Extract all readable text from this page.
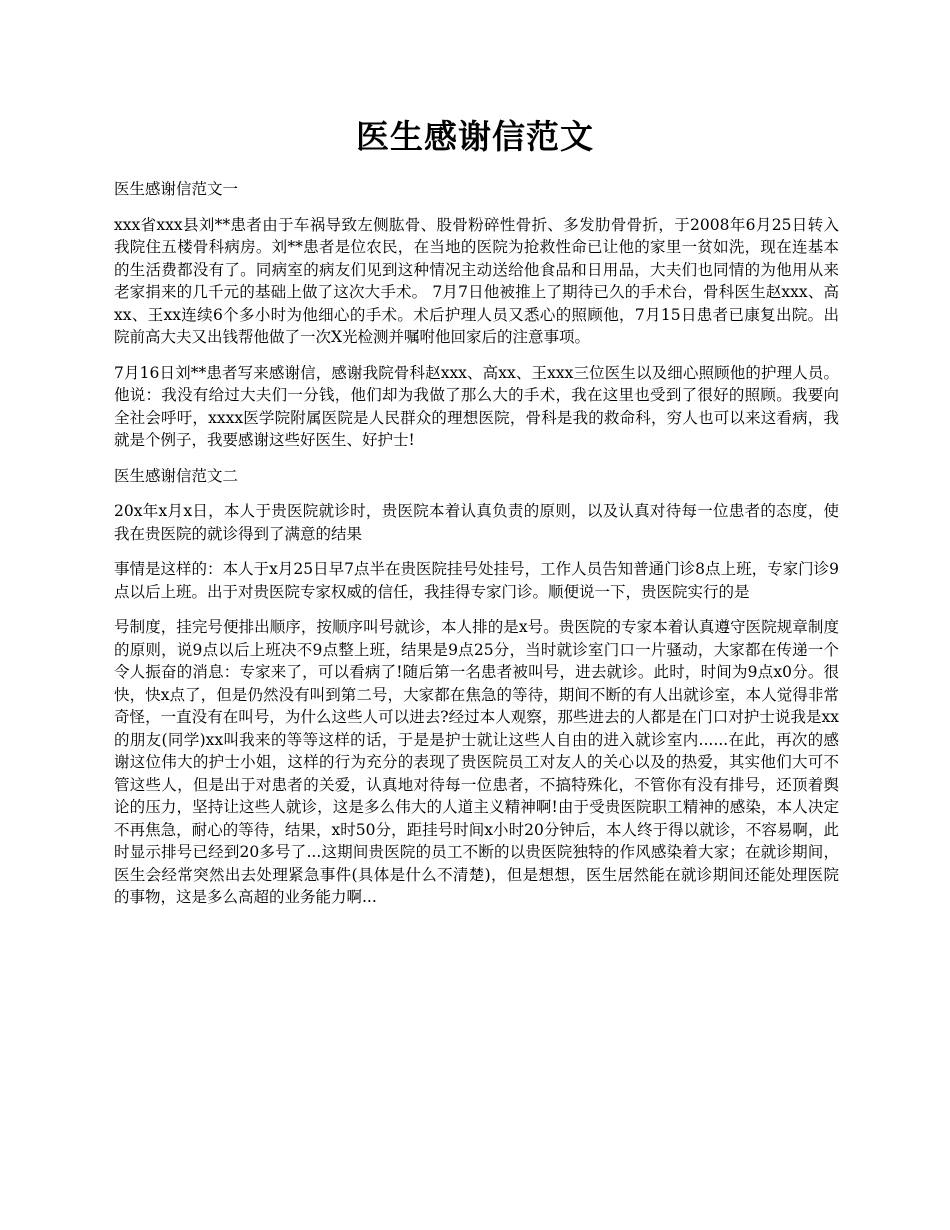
医生感谢信范文

医生感谢信范文一

xxx省xxx县刘**患者由于车祸导致左侧肱骨、股骨粉碎性骨折、多发肋骨骨折，于2008年6月25日转入我院住五楼骨科病房。刘**患者是位农民，在当地的医院为抢救性命已让他的家里一贫如洗，现在连基本的生活费都没有了。同病室的病友们见到这种情况主动送给他食品和日用品，大夫们也同情的为他用从来老家捐来的几千元的基础上做了这次大手术。 7月7日他被推上了期待已久的手术台，骨科医生赵xxx、高xx、王xx连续6个多小时为他细心的手术。术后护理人员又悉心的照顾他，7月15日患者已康复出院。出院前高大夫又出钱帮他做了一次X光检测并嘱咐他回家后的注意事项。

7月16日刘**患者写来感谢信，感谢我院骨科赵xxx、高xx、王xxx三位医生以及细心照顾他的护理人员。他说：我没有给过大夫们一分钱，他们却为我做了那么大的手术，我在这里也受到了很好的照顾。我要向全社会呼吁，xxxx医学院附属医院是人民群众的理想医院，骨科是我的救命科，穷人也可以来这看病，我就是个例子，我要感谢这些好医生、好护士!

医生感谢信范文二

20x年x月x日，本人于贵医院就诊时，贵医院本着认真负责的原则，以及认真对待每一位患者的态度，使我在贵医院的就诊得到了满意的结果

事情是这样的：本人于x月25日早7点半在贵医院挂号处挂号，工作人员告知普通门诊8点上班，专家门诊9点以后上班。出于对贵医院专家权威的信任，我挂得专家门诊。顺便说一下，贵医院实行的是

号制度，挂完号便排出顺序，按顺序叫号就诊，本人排的是x号。贵医院的专家本着认真遵守医院规章制度的原则，说9点以后上班决不9点整上班，结果是9点25分，当时就诊室门口一片骚动，大家都在传递一个令人振奋的消息：专家来了，可以看病了!随后第一名患者被叫号，进去就诊。此时，时间为9点x0分。很快，快x点了，但是仍然没有叫到第二号，大家都在焦急的等待，期间不断的有人出就诊室，本人觉得非常奇怪，一直没有在叫号，为什么这些人可以进去?经过本人观察，那些进去的人都是在门口对护士说我是xx的朋友(同学)xx叫我来的等等这样的话，于是是护士就让这些人自由的进入就诊室内......在此，再次的感谢这位伟大的护士小姐，这样的行为充分的表现了贵医院员工对友人的关心以及的热爱，其实他们大可不管这些人，但是出于对患者的关爱，认真地对待每一位患者，不搞特殊化，不管你有没有排号，还顶着舆论的压力，坚持让这些人就诊，这是多么伟大的人道主义精神啊!由于受贵医院职工精神的感染，本人决定不再焦急，耐心的等待，结果，x时50分，距挂号时间x小时20分钟后，本人终于得以就诊，不容易啊，此时显示排号已经到20多号了...这期间贵医院的员工不断的以贵医院独特的作风感染着大家；在就诊期间，医生会经常突然出去处理紧急事件(具体是什么不清楚)，但是想想，医生居然能在就诊期间还能处理医院的事物，这是多么高超的业务能力啊...
